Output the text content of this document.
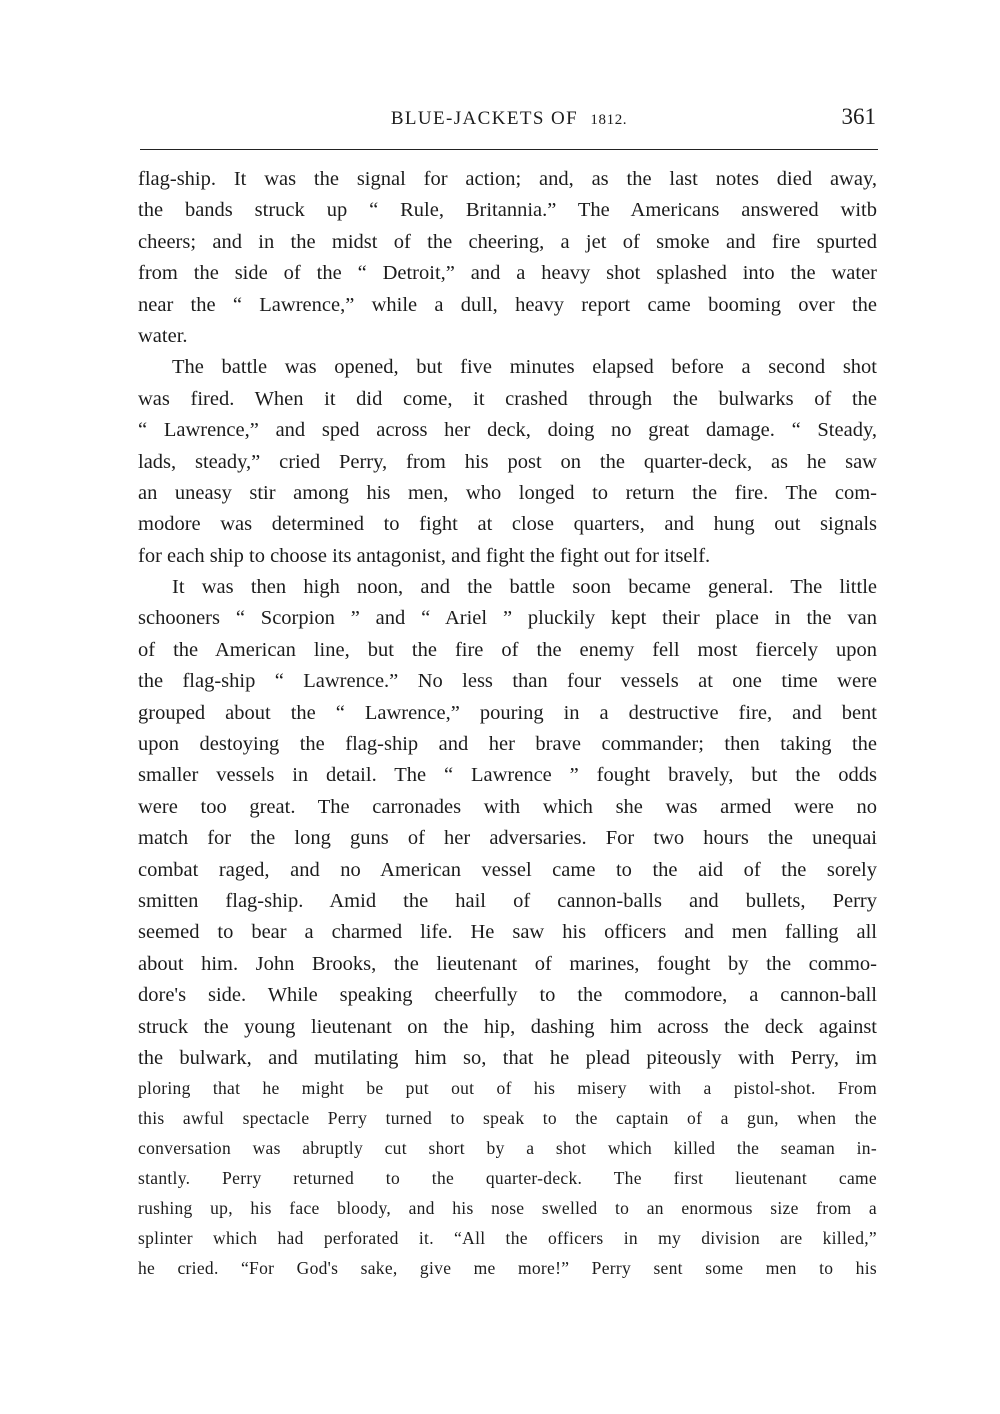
BLUE-JACKETS OF 1812.	361
flag-ship. It was the signal for action; and, as the last notes died away,
the bands struck up “ Rule, Britannia.” The Americans answered witb
cheers; and in the midst of the cheering, a jet of smoke and fire spurted
from the side of the “ Detroit,” and a heavy shot splashed into the water
near the “ Lawrence,” while a dull, heavy report came booming over the
water.
The battle was opened, but five minutes elapsed before a second shot
was fired. When it did come, it crashed through the bulwarks of the
“ Lawrence,” and sped across her deck, doing no great damage. “ Steady,
lads, steady,” cried Perry, from his post on the quarter-deck, as he saw
an uneasy stir among his men, who longed to return the fire. The com-
modore was determined to fight at close quarters, and hung out signals
for each ship to choose its antagonist, and fight the fight out for itself.
It was then high noon, and the battle soon became general. The little
schooners “ Scorpion ” and “ Ariel ” pluckily kept their place in the van
of the American line, but the fire of the enemy fell most fiercely upon
the flag-ship “ Lawrence.” No less than four vessels at one time were
grouped about the “ Lawrence,” pouring in a destructive fire, and bent
upon destoying the flag-ship and her brave commander; then taking the
smaller vessels in detail. The “ Lawrence ” fought bravely, but the odds
were too great. The carronades with which she was armed were no
match for the long guns of her adversaries. For two hours the unequai
combat raged, and no American vessel came to the aid of the sorely
smitten flag-ship. Amid the hail of cannon-balls and bullets, Perry
seemed to bear a charmed life. He saw his officers and men falling all
about him. John Brooks, the lieutenant of marines, fought by the commo-
dore's side. While speaking cheerfully to the commodore, a cannon-ball
struck the young lieutenant on the hip, dashing him across the deck against
the bulwark, and mutilating him so, that he plead piteously with Perry, im
ploring that he might be put out of his misery with a pistol-shot. From
this awful spectacle Perry turned to speak to the captain of a gun, when the
conversation was abruptly cut short by a shot which killed the seaman in-
stantly. Perry returned to the quarter-deck. The first lieutenant came
rushing up, his face bloody, and his nose swelled to an enormous size from a
splinter which had perforated it. “All the officers in my division are killed,”
he cried. “For God's sake, give me more!” Perry sent some men to his
